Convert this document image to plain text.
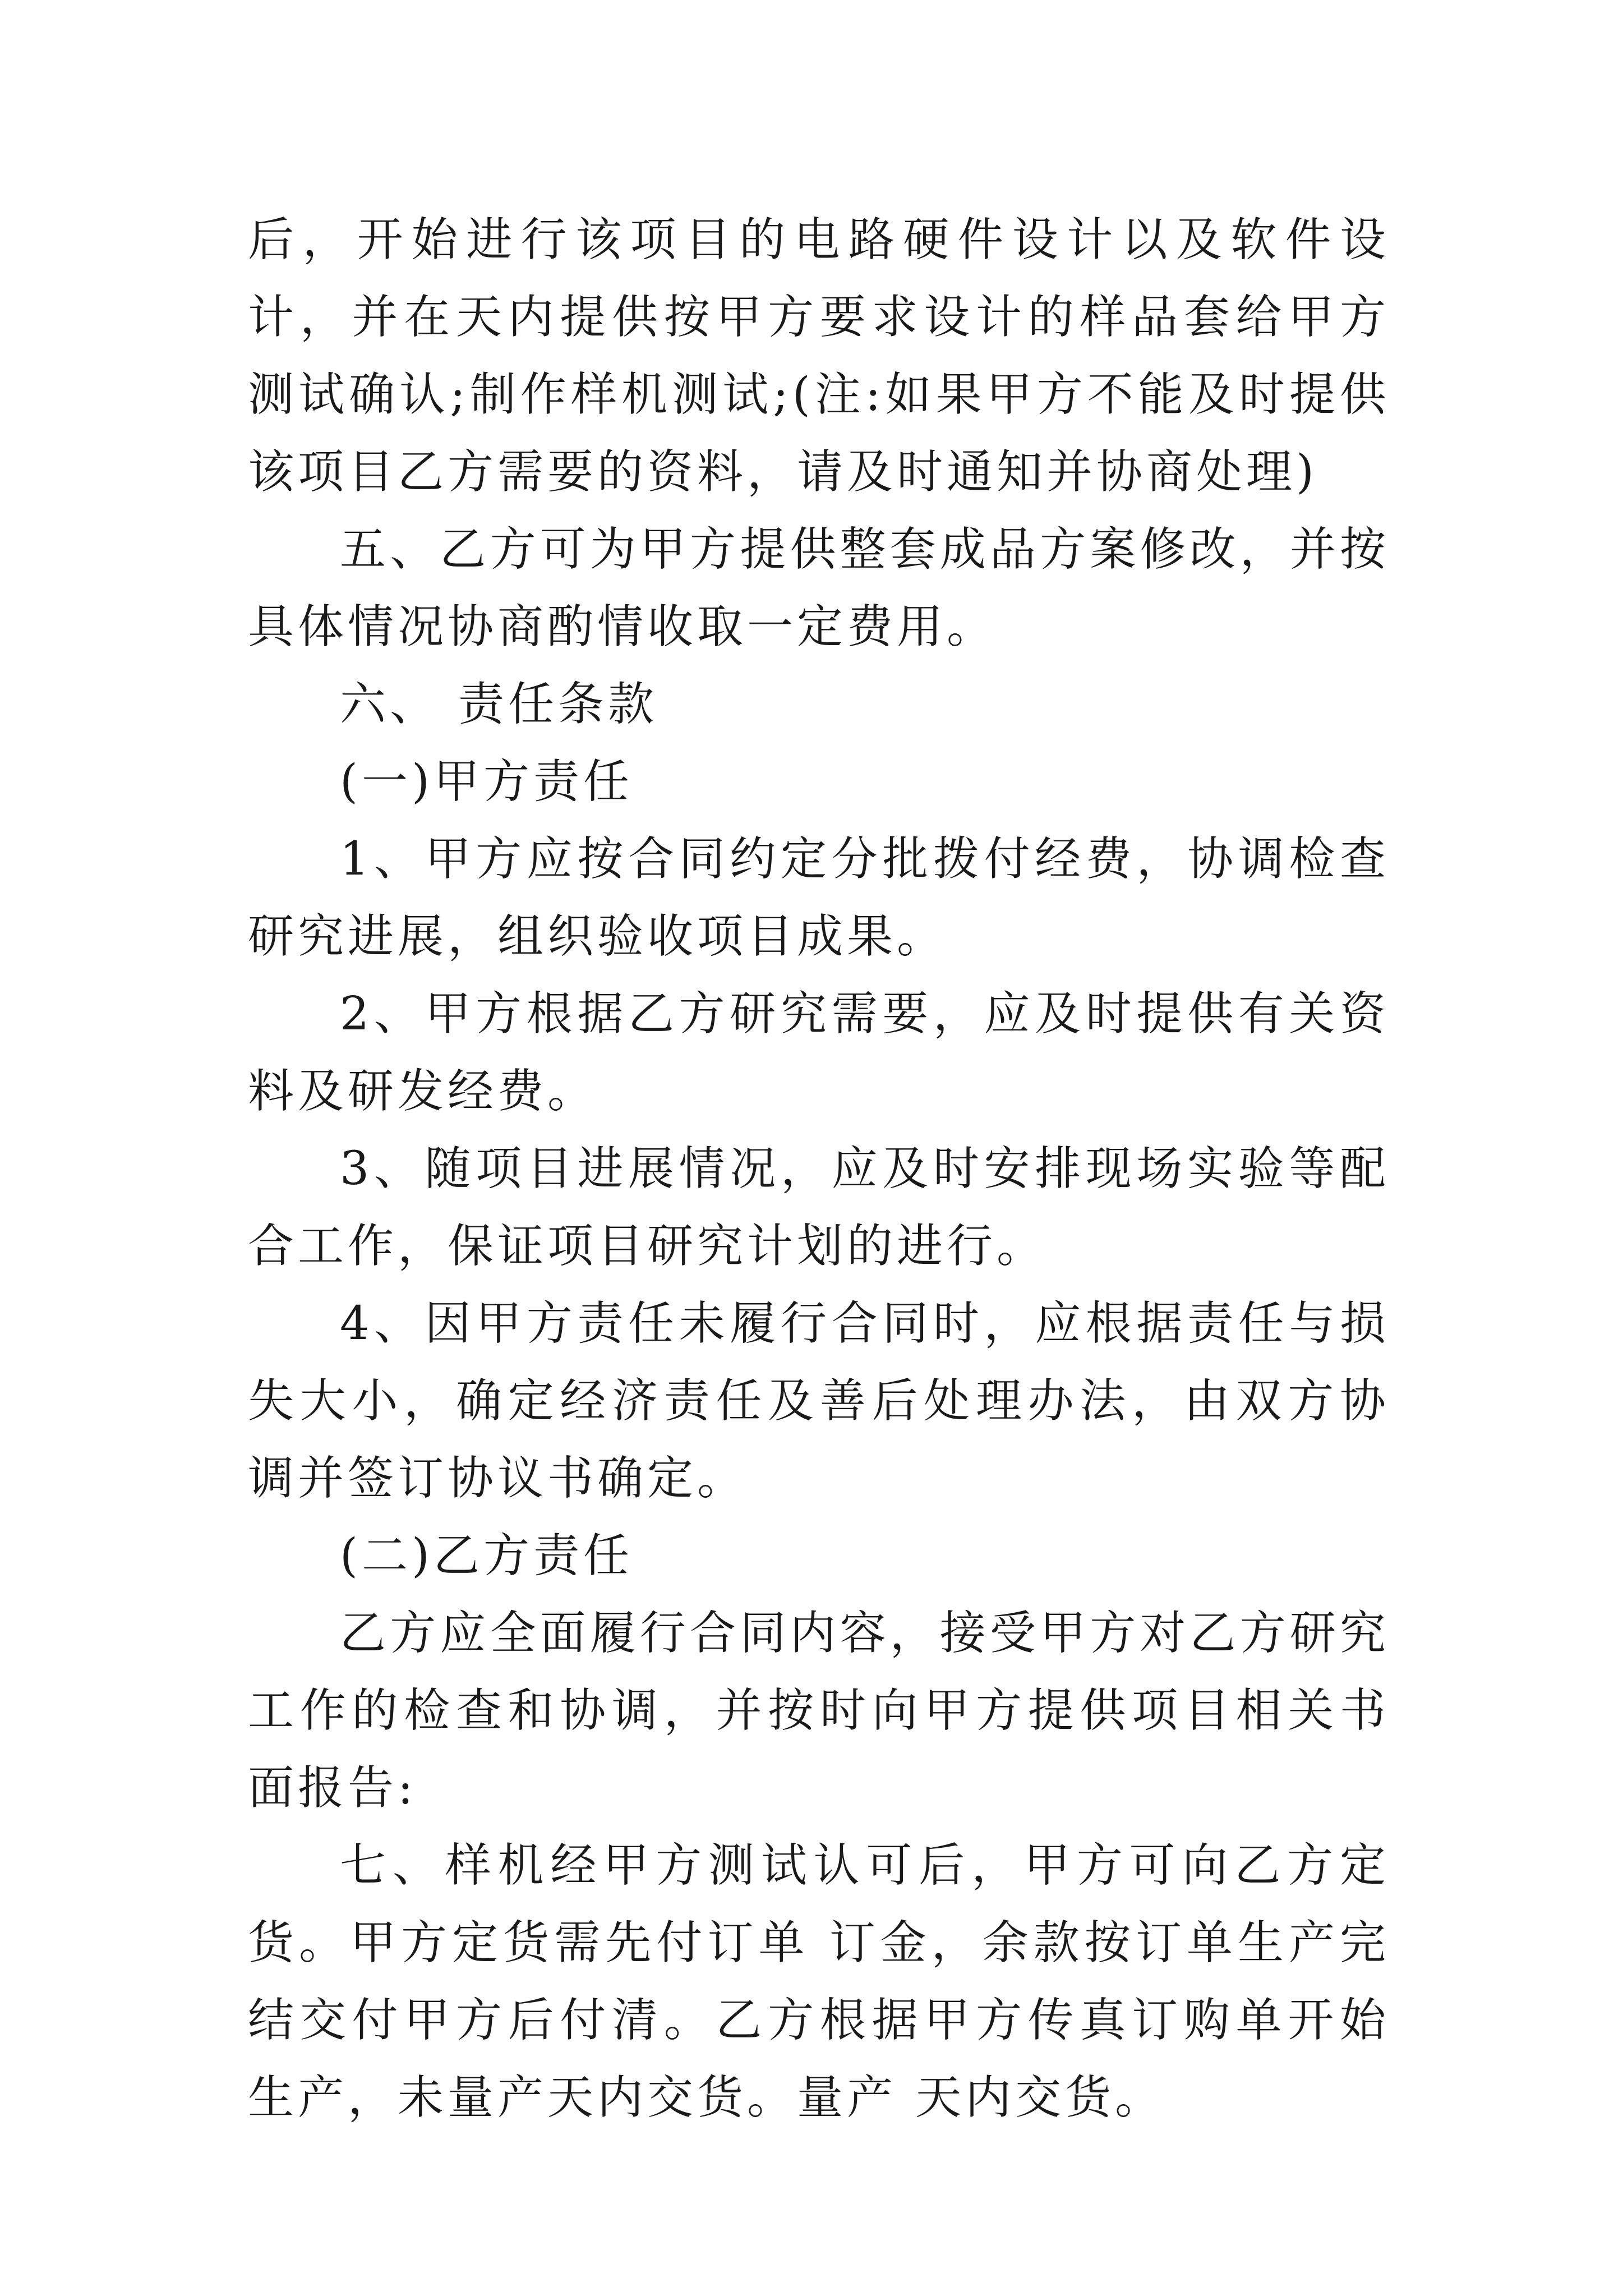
后，开始进行该项目的电路硬件设计以及软件设计，并在天内提供按甲方要求设计的样品套给甲方测试确认;制作样机测试;(注:如果甲方不能及时提供该项目乙方需要的资料，请及时通知并协商处理)

五、乙方可为甲方提供整套成品方案修改，并按具体情况协商酌情收取一定费用。

六、 责任条款

(一)甲方责任

1、甲方应按合同约定分批拨付经费，协调检查研究进展，组织验收项目成果。

2、甲方根据乙方研究需要，应及时提供有关资料及研发经费。

3、随项目进展情况，应及时安排现场实验等配合工作，保证项目研究计划的进行。

4、因甲方责任未履行合同时，应根据责任与损失大小，确定经济责任及善后处理办法，由双方协调并签订协议书确定。

(二)乙方责任

乙方应全面履行合同内容，接受甲方对乙方研究工作的检查和协调，并按时向甲方提供项目相关书面报告:

七、样机经甲方测试认可后，甲方可向乙方定货。甲方定货需先付订单 订金，余款按订单生产完结交付甲方后付清。乙方根据甲方传真订购单开始生产，未量产天内交货。量产 天内交货。
